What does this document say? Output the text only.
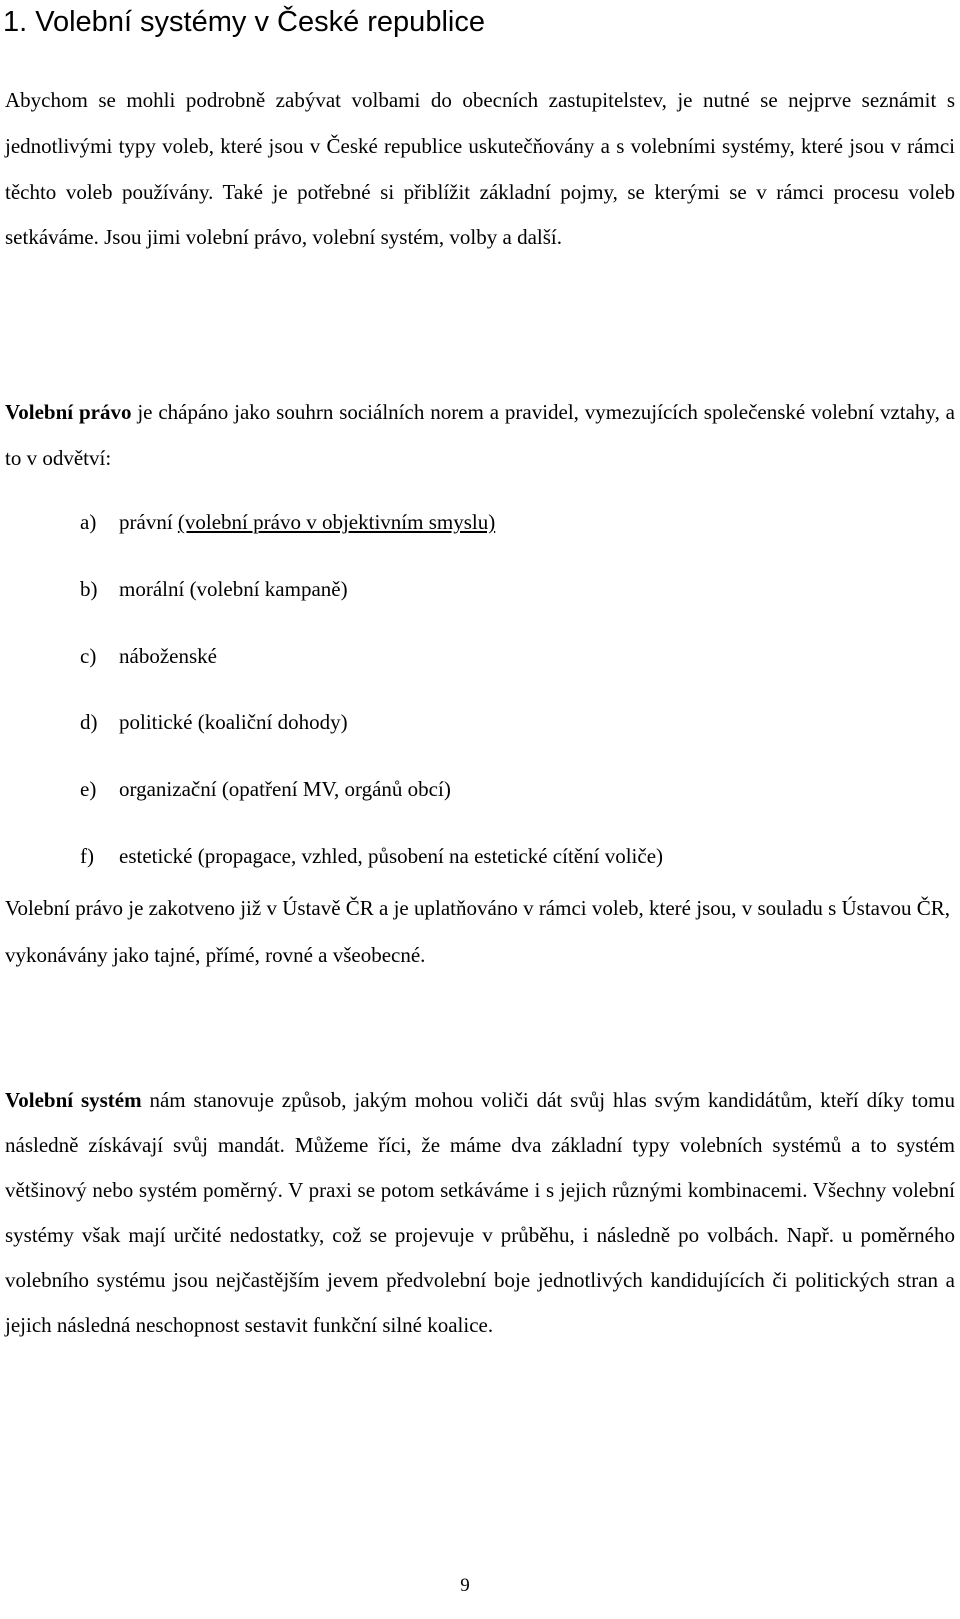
1. Volební systémy v České republice

Abychom se mohli podrobně zabývat volbami do obecních zastupitelstev, je nutné se nejprve seznámit s jednotlivými typy voleb, které jsou v České republice uskutečňovány a s volebními systémy, které jsou v rámci těchto voleb používány. Také je potřebné si přiblížit základní pojmy, se kterými se v rámci procesu voleb setkáváme. Jsou jimi volební právo, volební systém, volby a další.

Volební právo je chápáno jako souhrn sociálních norem a pravidel, vymezujících společenské volební vztahy, a to v odvětví:

a) právní (volební právo v objektivním smyslu)
b) morální (volební kampaně)
c) náboženské
d) politické (koaliční dohody)
e) organizační (opatření MV, orgánů obcí)
f) estetické (propagace, vzhled, působení na estetické cítění voliče)

Volební právo je zakotveno již v Ústavě ČR a je uplatňováno v rámci voleb, které jsou, v souladu s Ústavou ČR, vykonávány jako tajné, přímé, rovné a všeobecné.

Volební systém nám stanovuje způsob, jakým mohou voliči dát svůj hlas svým kandidátům, kteří díky tomu následně získávají svůj mandát. Můžeme říci, že máme dva základní typy volebních systémů a to systém většinový nebo systém poměrný. V praxi se potom setkáváme i s jejich různými kombinacemi. Všechny volební systémy však mají určité nedostatky, což se projevuje v průběhu, i následně po volbách. Např. u poměrného volebního systému jsou nejčastějším jevem předvolební boje jednotlivých kandidujících či politických stran a jejich následná neschopnost sestavit funkční silné koalice.

9
